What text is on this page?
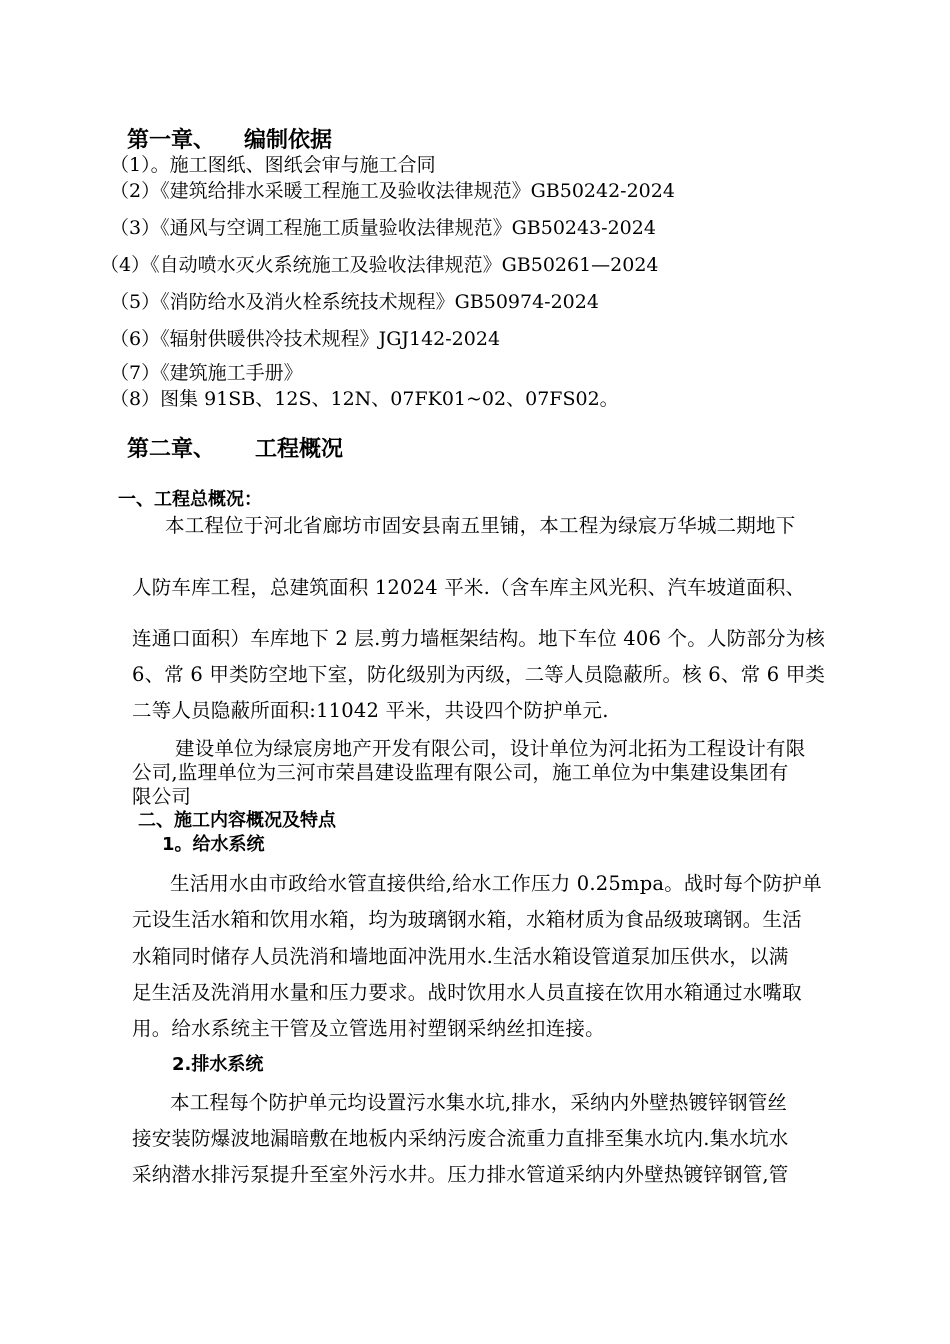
第一章、 编制依据
（1）。施工图纸、图纸会审与施工合同
（2）《建筑给排水采暖工程施工及验收法律规范》GB50242-2024
（3）《通风与空调工程施工质量验收法律规范》GB50243-2024
（4）《自动喷水灭火系统施工及验收法律规范》GB50261—2024
（5）《消防给水及消火栓系统技术规程》GB50974-2024
（6）《辐射供暖供冷技术规程》JGJ142-2024
（7）《建筑施工手册》
（8）图集 91SB、12S、12N、07FK01~02、07FS02。
第二章、 工程概况
一、工程总概况：
本工程位于河北省廊坊市固安县南五里铺，本工程为绿宸万华城二期地下
人防车库工程，总建筑面积 12024 平米.（含车库主风光积、汽车坡道面积、
连通口面积）车库地下 2 层.剪力墙框架结构。地下车位 406 个。人防部分为核
6、常 6 甲类防空地下室，防化级别为丙级，二等人员隐蔽所。核 6、常 6 甲类
二等人员隐蔽所面积:11042 平米，共设四个防护单元.
建设单位为绿宸房地产开发有限公司，设计单位为河北拓为工程设计有限
公司,监理单位为三河市荣昌建设监理有限公司，施工单位为中集建设集团有
限公司
二、施工内容概况及特点
1。给水系统
生活用水由市政给水管直接供给,给水工作压力 0.25mpa。战时每个防护单
元设生活水箱和饮用水箱，均为玻璃钢水箱，水箱材质为食品级玻璃钢。生活
水箱同时储存人员洗消和墙地面冲洗用水.生活水箱设管道泵加压供水，以满
足生活及洗消用水量和压力要求。战时饮用水人员直接在饮用水箱通过水嘴取
用。给水系统主干管及立管选用衬塑钢采纳丝扣连接。
2.排水系统
本工程每个防护单元均设置污水集水坑,排水，采纳内外壁热镀锌钢管丝
接安装防爆波地漏暗敷在地板内采纳污废合流重力直排至集水坑内.集水坑水
采纳潜水排污泵提升至室外污水井。压力排水管道采纳内外壁热镀锌钢管,管
